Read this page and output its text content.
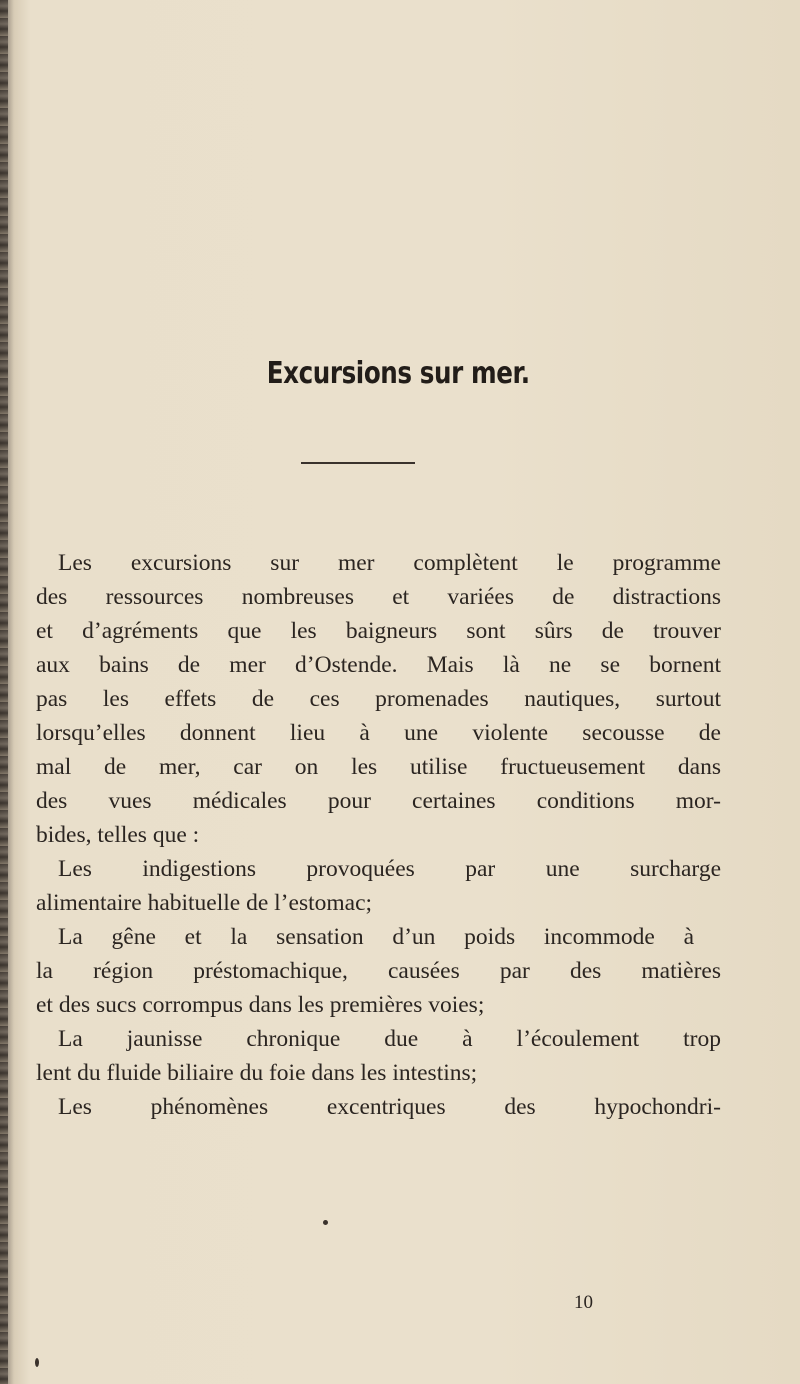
Excursions sur mer.
Les excursions sur mer complètent le programme
des ressources nombreuses et variées de distractions
et d’agréments que les baigneurs sont sûrs de trouver
aux bains de mer d’Ostende. Mais là ne se bornent
pas les effets de ces promenades nautiques, surtout
lorsqu’elles donnent lieu à une violente secousse de
mal de mer, car on les utilise fructueusement dans
des vues médicales pour certaines conditions mor-
bides, telles que :
Les indigestions provoquées par une surcharge
alimentaire habituelle de l’estomac;
La gêne et la sensation d’un poids incommode à
la région préstomachique, causées par des matières
et des sucs corrompus dans les premières voies;
La jaunisse chronique due à l’écoulement trop
lent du fluide biliaire du foie dans les intestins;
Les phénomènes excentriques des hypochondri-
10
